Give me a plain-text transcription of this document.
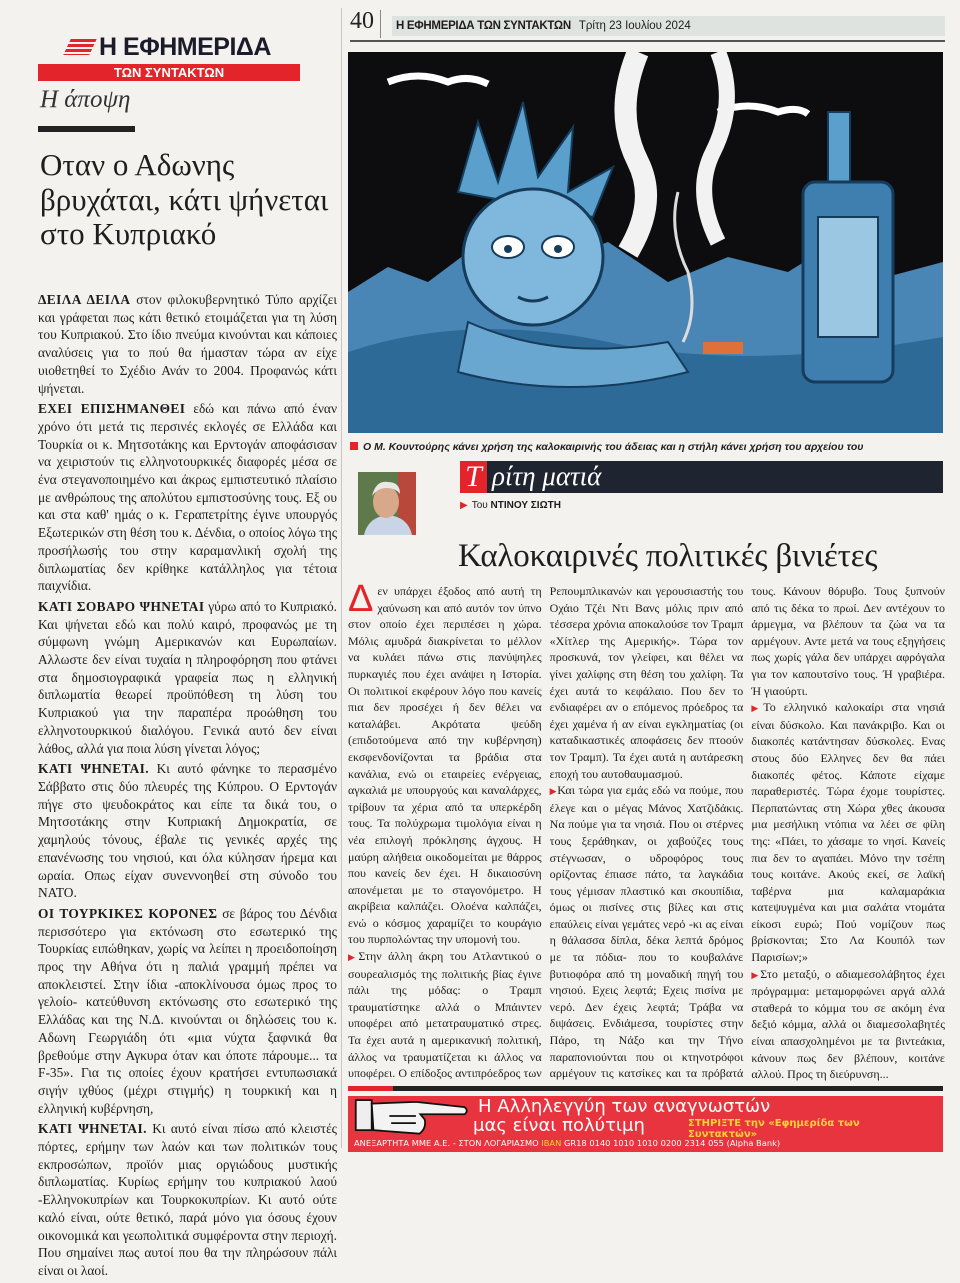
Η ΕΦΗΜΕΡΙΔΑ
ΤΩΝ ΣΥΝΤΑΚΤΩΝ
Η άποψη
Οταν ο Αδωνης βρυχάται, κάτι ψήνεται στο Κυπριακό

ΔΕΙΛΑ ΔΕΙΛΑ στον φιλοκυβερνητικό Τύπο αρχίζει και γράφεται πως κάτι θετικό ετοιμάζεται για τη λύση του Κυπριακού. Στο ίδιο πνεύμα κινούνται και κάποιες αναλύσεις για το πού θα ήμασταν τώρα αν είχε υιοθετηθεί το Σχέδιο Ανάν το 2004. Προφανώς κάτι ψήνεται.

ΕΧΕΙ ΕΠΙΣΗΜΑΝΘΕΙ εδώ και πάνω από έναν χρόνο ότι μετά τις περσινές εκλογές σε Ελλάδα και Τουρκία οι κ. Μητσοτάκης και Ερντογάν αποφάσισαν να χειριστούν τις ελληνοτουρκικές διαφορές μέσα σε ένα στεγανοποιημένο και άκρως εμπιστευτικό πλαίσιο με ανθρώπους της απολύτου εμπιστοσύνης τους. Εξ ου και στα καθ' ημάς ο κ. Γεραπετρίτης έγινε υπουργός Εξωτερικών στη θέση του κ. Δένδια, ο οποίος λόγω της προσήλωσής του στην καραμανλική σχολή της διπλωματίας δεν κρίθηκε κατάλληλος για τέτοια παιχνίδια.

ΚΑΤΙ ΣΟΒΑΡΟ ΨΗΝΕΤΑΙ γύρω από το Κυπριακό. Και ψήνεται εδώ και πολύ καιρό, προφανώς με τη σύμφωνη γνώμη Αμερικανών και Ευρωπαίων. Αλλωστε δεν είναι τυχαία η πληροφόρηση που φτάνει στα δημοσιογραφικά γραφεία πως η ελληνική διπλωματία θεωρεί προϋπόθεση τη λύση του Κυπριακού για την παραπέρα προώθηση του ελληνοτουρκικού διαλόγου. Γενικά αυτό δεν είναι λάθος, αλλά για ποια λύση γίνεται λόγος;

ΚΑΤΙ ΨΗΝΕΤΑΙ. Κι αυτό φάνηκε το περασμένο Σάββατο στις δύο πλευρές της Κύπρου. Ο Ερντογάν πήγε στο ψευδοκράτος και είπε τα δικά του, ο Μητσοτάκης στην Κυπριακή Δημοκρατία, σε χαμηλούς τόνους, έβαλε τις γενικές αρχές της επανένωσης του νησιού, και όλα κύλησαν ήρεμα και ωραία. Οπως είχαν συνεννοηθεί στη σύνοδο του ΝΑΤΟ.

ΟΙ ΤΟΥΡΚΙΚΕΣ ΚΟΡΟΝΕΣ σε βάρος του Δένδια περισσότερο για εκτόνωση στο εσωτερικό της Τουρκίας ειπώθηκαν, χωρίς να λείπει η προειδοποίηση προς την Αθήνα ότι η παλιά γραμμή πρέπει να αποκλειστεί. Στην ίδια -αποκλίνουσα όμως προς το γελοίο- κατεύθυνση εκτόνωσης στο εσωτερικό της Ελλάδας και της Ν.Δ. κινούνται οι δηλώσεις του κ. Αδωνη Γεωργιάδη ότι «μια νύχτα ξαφνικά θα βρεθούμε στην Αγκυρα όταν και όποτε πάρουμε... τα F-35». Για τις οποίες έχουν κρατήσει εντυπωσιακά σιγήν ιχθύος (μέχρι στιγμής) η τουρκική και η ελληνική κυβέρνηση,

ΚΑΤΙ ΨΗΝΕΤΑΙ. Κι αυτό είναι πίσω από κλειστές πόρτες, ερήμην των λαών και των πολιτικών τους εκπροσώπων, προϊόν μιας οργιώδους μυστικής διπλωματίας. Κυρίως ερήμην του κυπριακού λαού -Ελληνοκυπρίων και Τουρκοκυπρίων. Κι αυτό ούτε καλό είναι, ούτε θετικό, παρά μόνο για όσους έχουν οικονομικά και γεωπολιτικά συμφέροντα στην περιοχή. Που σημαίνει πως αυτοί που θα την πληρώσουν πάλι είναι οι λαοί.

40	Η ΕΦΗΜΕΡΙΔΑ ΤΩΝ ΣΥΝΤΑΚΤΩΝ Τρίτη 23 Ιουλίου 2024
Ο Μ. Κουντούρης κάνει χρήση της καλοκαιρινής του άδειας και η στήλη κάνει χρήση του αρχείου του
Τ ρίτη ματιά
▶ Του ΝΤΙΝΟΥ ΣΙΩΤΗ
Καλοκαιρινές πολιτικές βινιέτες

Δεν υπάρχει έξοδος από αυτή τη χαύνωση και από αυτόν τον ύπνο στον οποίο έχει περιπέσει η χώρα. Μόλις αμυδρά διακρίνεται το μέλλον να κυλάει πάνω στις πανύψηλες πυρκαγιές που έχει ανάψει η Ιστορία. Οι πολιτικοί εκφέρουν λόγο που κανείς πια δεν προσέχει ή δεν θέλει να καταλάβει. Ακρότατα ψεύδη (επιδοτούμενα από την κυβέρνηση) εκσφενδονίζονται τα βράδια στα κανάλια, ενώ οι εταιρείες ενέργειας, αγκαλιά με υπουργούς και καναλάρχες, τρίβουν τα χέρια από τα υπερκέρδη τους. Τα πολύχρωμα τιμολόγια είναι η νέα επιλογή πρόκλησης άγχους. Η μαύρη αλήθεια οικοδομείται με θάρρος που κανείς δεν έχει. Η δικαιοσύνη απονέμεται με το σταγονόμετρο. Η ακρίβεια καλπάζει. Ολοένα καλπάζει, ενώ ο κόσμος χαραμίζει το κουράγιο του πυρπολώντας την υπομονή του.

▶Στην άλλη άκρη του Ατλαντικού ο σουρεαλισμός της πολιτικής βίας έγινε πάλι της μόδας: ο Τραμπ τραυματίστηκε αλλά ο Μπάιντεν υποφέρει από μετατραυματικό στρες. Τα έχει αυτά η αμερικανική πολιτική, άλλος να τραυματίζεται κι άλλος να υποφέρει. Ο επίδοξος αντιπρόεδρος των Ρεπουμπλικανών και γερουσιαστής του Οχάιο Τζέι Ντι Βανς μόλις πριν από τέσσερα χρόνια αποκαλούσε τον Τραμπ «Χίτλερ της Αμερικής». Τώρα τον προσκυνά, τον γλείφει, και θέλει να γίνει χαλίφης στη θέση του χαλίφη. Τα έχει αυτά το κεφάλαιο. Που δεν το ενδιαφέρει αν ο επόμενος πρόεδρος τα έχει χαμένα ή αν είναι εγκληματίας (οι καταδικαστικές αποφάσεις δεν πτοούν τον Τραμπ). Τα έχει αυτά η αυτάρεσκη εποχή του αυτοθαυμασμού.

▶Και τώρα για εμάς εδώ να πούμε, που έλεγε και ο μέγας Μάνος Χατζιδάκις. Να πούμε για τα νησιά. Που οι στέρνες τους ξεράθηκαν, οι χαβούζες τους στέγνωσαν, ο υδροφόρος τους ορίζοντας έπιασε πάτο, τα λαγκάδια τους γέμισαν πλαστικό και σκουπίδια, όμως οι πισίνες στις βίλες και στις επαύλεις είναι γεμάτες νερό -κι ας είναι η θάλασσα δίπλα, δέκα λεπτά δρόμος με τα πόδια- που το κουβαλάνε βυτιοφόρα από τη μοναδική πηγή του νησιού. Εχεις λεφτά; Εχεις πισίνα με νερό. Δεν έχεις λεφτά; Τράβα να διψάσεις. Ενδιάμεσα, τουρίστες στην Πάρο, τη Νάξο και την Τήνο παραπονιούνται που οι κτηνοτρόφοι αρμέγουν τις κατσίκες και τα πρόβατά τους. Κάνουν θόρυβο. Τους ξυπνούν από τις δέκα το πρωί. Δεν αντέχουν το άρμεγμα, να βλέπουν τα ζώα να τα αρμέγουν. Αντε μετά να τους εξηγήσεις πως χωρίς γάλα δεν υπάρχει αφρόγαλα για τον καπουτσίνο τους. Ή γραβιέρα. Ή γιαούρτι.

▶Το ελληνικό καλοκαίρι στα νησιά είναι δύσκολο. Και πανάκριβο. Και οι διακοπές κατάντησαν δύσκολες. Ενας στους δύο Ελληνες δεν θα πάει διακοπές φέτος. Κάποτε είχαμε παραθεριστές. Τώρα έχομε τουρίστες. Περπατώντας στη Χώρα χθες άκουσα μια μεσήλικη ντόπια να λέει σε φίλη της: «Πάει, το χάσαμε το νησί. Κανείς πια δεν το αγαπάει. Μόνο την τσέπη τους κοιτάνε. Ακούς εκεί, σε λαϊκή ταβέρνα μια καλαμαράκια κατεψυγμένα και μια σαλάτα ντομάτα είκοσι ευρώ; Πού νομίζουν πως βρίσκονται; Στο Λα Κουπόλ των Παρισίων;»

▶Στο μεταξύ, ο αδιαμεσολάβητος έχει πρόγραμμα: μεταμορφώνει αργά αλλά σταθερά το κόμμα του σε ακόμη ένα δεξιό κόμμα, αλλά οι διαμεσολαβητές είναι απασχολημένοι με τα βιντεάκια, κάνουν πως δεν βλέπουν, κοιτάνε αλλού. Προς τη διεύρυνση...

Η Αλληλεγγύη των αναγνωστών
μας είναι πολύτιμη	ΣΤΗΡΙΞΤΕ την «Εφημερίδα των Συντακτών»
ΑΝΕΞΑΡΤΗΤΑ ΜΜΕ Α.Ε. - ΣΤΟΝ ΛΟΓΑΡΙΑΣΜΟ IBAN GR18 0140 1010 1010 0200 2314 055 (Alpha Bank)
